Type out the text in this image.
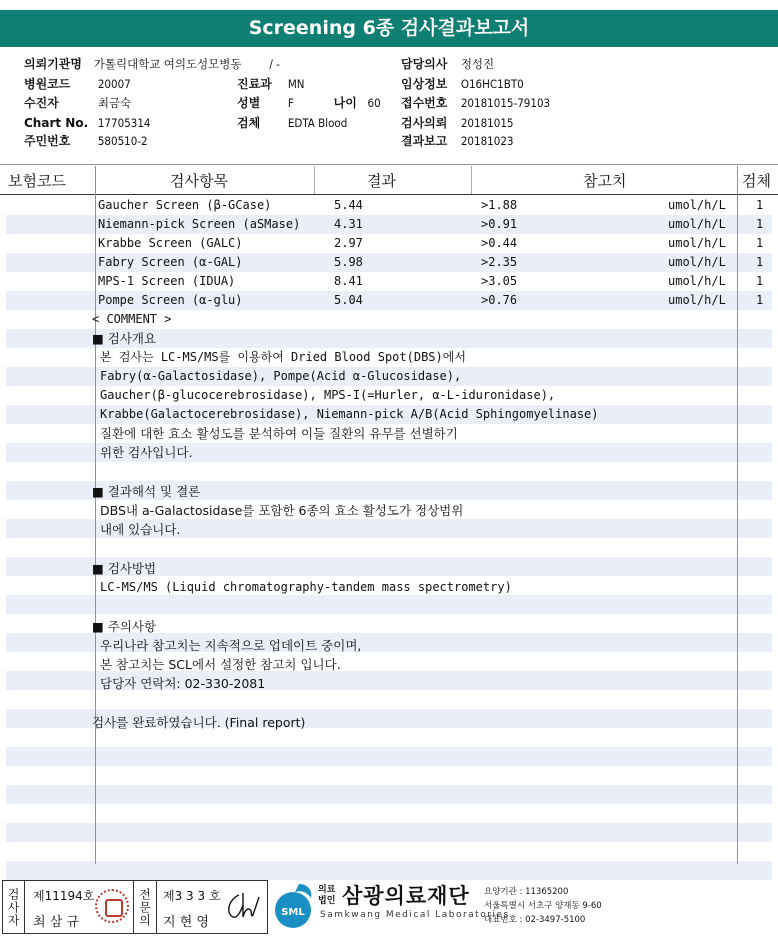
Screening 6종 검사결과보고서
의뢰기관명 가톨릭대학교 여의도성모병동 / -
병원코드 20007
수진자	최금숙
Chart No. 17705314
주민번호 580510-2
진료과 MN
성별 F	나이 60
검체 EDTA Blood
담당의사 정성진
임상정보 O16HC1BT0
접수번호 20181015-79103
검사의뢰 20181015
결과보고 20181023
보험코드	검사항목	결과	참고치	검체
Gaucher Screen (β-GCase)	5.44	>1.88	umol/h/L	1
Niemann-pick Screen (aSMase)	4.31	>0.91	umol/h/L	1
Krabbe Screen (GALC)	2.97	>0.44	umol/h/L	1
Fabry Screen (α-GAL)	5.98	>2.35	umol/h/L	1
MPS-1 Screen (IDUA)	8.41	>3.05	umol/h/L	1
Pompe Screen (α-glu)	5.04	>0.76	umol/h/L	1
< COMMENT >
■ 검사개요
본 검사는 LC-MS/MS를 이용하여 Dried Blood Spot(DBS)에서
Fabry(α-Galactosidase), Pompe(Acid α-Glucosidase),
Gaucher(β-glucocerebrosidase), MPS-I(=Hurler, α-L-iduronidase),
Krabbe(Galactocerebrosidase), Niemann-pick A/B(Acid Sphingomyelinase)
질환에 대한 효소 활성도를 분석하여 이들 질환의 유무를 선별하기
위한 검사입니다.
■ 결과해석 및 결론
DBS내 a-Galactosidase를 포함한 6종의 효소 활성도가 정상범위
내에 있습니다.
■ 검사방법
LC-MS/MS (Liquid chromatography-tandem mass spectrometry)
■ 주의사항
우리나라 참고치는 지속적으로 업데이트 중이며,
본 참고치는 SCL에서 설정한 참고치 입니다.
담당자 연락처: 02-330-2081
검사를 완료하였습니다. (Final report)
검사자 제11194호
최 삼 규	전문의 제3 3 3 호
지 현 영
SML
의료
법인 삼광의료재단
Samkwang Medical Laboratories
요양기관 : 11365200
서울특별시 서초구 양재동 9-60
대표번호 : 02-3497-5100
